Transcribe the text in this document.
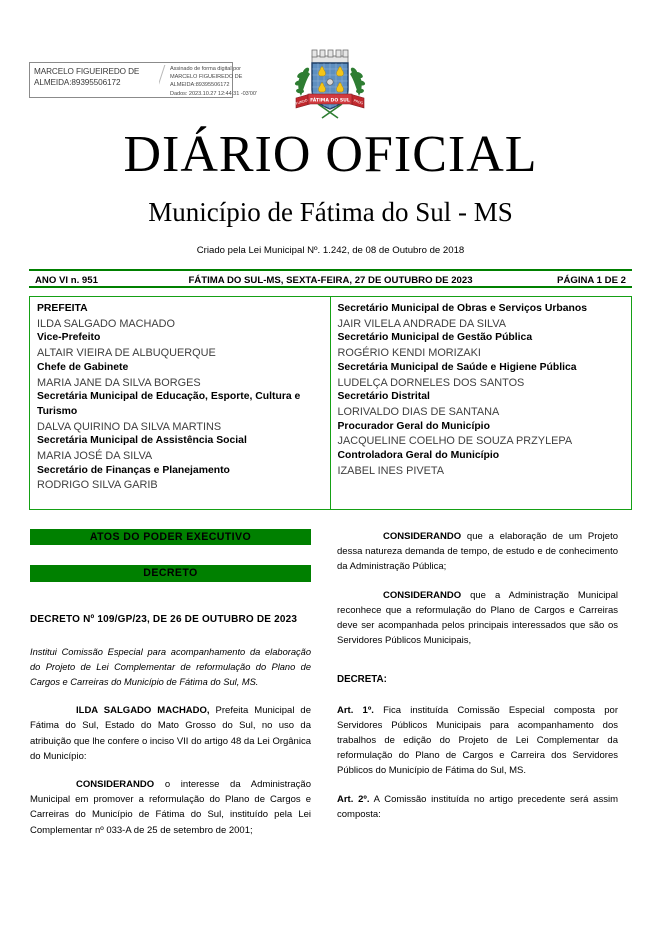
MARCELO FIGUEIREDO DE ALMEIDA:89395506172
Assinado de forma digital por
MARCELO FIGUEIREDO DE
ALMEIDA:89395506172
Dados: 2023.10.27 12:44:31 -03'00'
FÁTIMA DO SUL
FUNDO	PROG
DIÁRIO OFICIAL
Município de Fátima do Sul - MS
Criado pela Lei Municipal Nº. 1.242, de 08 de Outubro de 2018
ANO VI n. 951	FÁTIMA DO SUL-MS, SEXTA-FEIRA, 27 DE OUTUBRO DE 2023	PÁGINA 1 DE 2
PREFEITA
ILDA SALGADO MACHADO
Vice-Prefeito
ALTAIR VIEIRA DE ALBUQUERQUE
Chefe de Gabinete
MARIA JANE DA SILVA BORGES
Secretária Municipal de Educação, Esporte, Cultura e Turismo
DALVA QUIRINO DA SILVA MARTINS
Secretária Municipal de Assistência Social
MARIA JOSÉ DA SILVA
Secretário de Finanças e Planejamento
RODRIGO SILVA GARIB
Secretário Municipal de Obras e Serviços Urbanos
JAIR VILELA ANDRADE DA SILVA
Secretário Municipal de Gestão Pública
ROGÉRIO KENDI MORIZAKI
Secretária Municipal de Saúde e Higiene Pública
LUDELÇA DORNELES DOS SANTOS
Secretário Distrital
LORIVALDO DIAS DE SANTANA
Procurador Geral do Município
JACQUELINE COELHO DE SOUZA PRZYLEPA
Controladora Geral do Município
IZABEL INES PIVETA
ATOS DO PODER EXECUTIVO
DECRETO
DECRETO Nº 109/GP/23, DE 26 DE OUTUBRO DE 2023
Institui Comissão Especial para acompanhamento da elaboração do Projeto de Lei Complementar de reformulação do Plano de Cargos e Carreiras do Município de Fátima do Sul, MS.
ILDA SALGADO MACHADO, Prefeita Municipal de Fátima do Sul, Estado do Mato Grosso do Sul, no uso da atribuição que lhe confere o inciso VII do artigo 48 da Lei Orgânica do Município:
CONSIDERANDO o interesse da Administração Municipal em promover a reformulação do Plano de Cargos e Carreiras do Município de Fátima do Sul, instituído pela Lei Complementar nº 033-A de 25 de setembro de 2001;
CONSIDERANDO que a elaboração de um Projeto dessa natureza demanda de tempo, de estudo e de conhecimento da Administração Pública;
CONSIDERANDO que a Administração Municipal reconhece que a reformulação do Plano de Cargos e Carreiras deve ser acompanhada pelos principais interessados que são os Servidores Públicos Municipais,
DECRETA:
Art. 1º. Fica instituída Comissão Especial composta por Servidores Públicos Municipais para acompanhamento dos trabalhos de edição do Projeto de Lei Complementar da reformulação do Plano de Cargos e Carreira dos Servidores Públicos do Município de Fátima do Sul, MS.
Art. 2º. A Comissão instituída no artigo precedente será assim composta:
